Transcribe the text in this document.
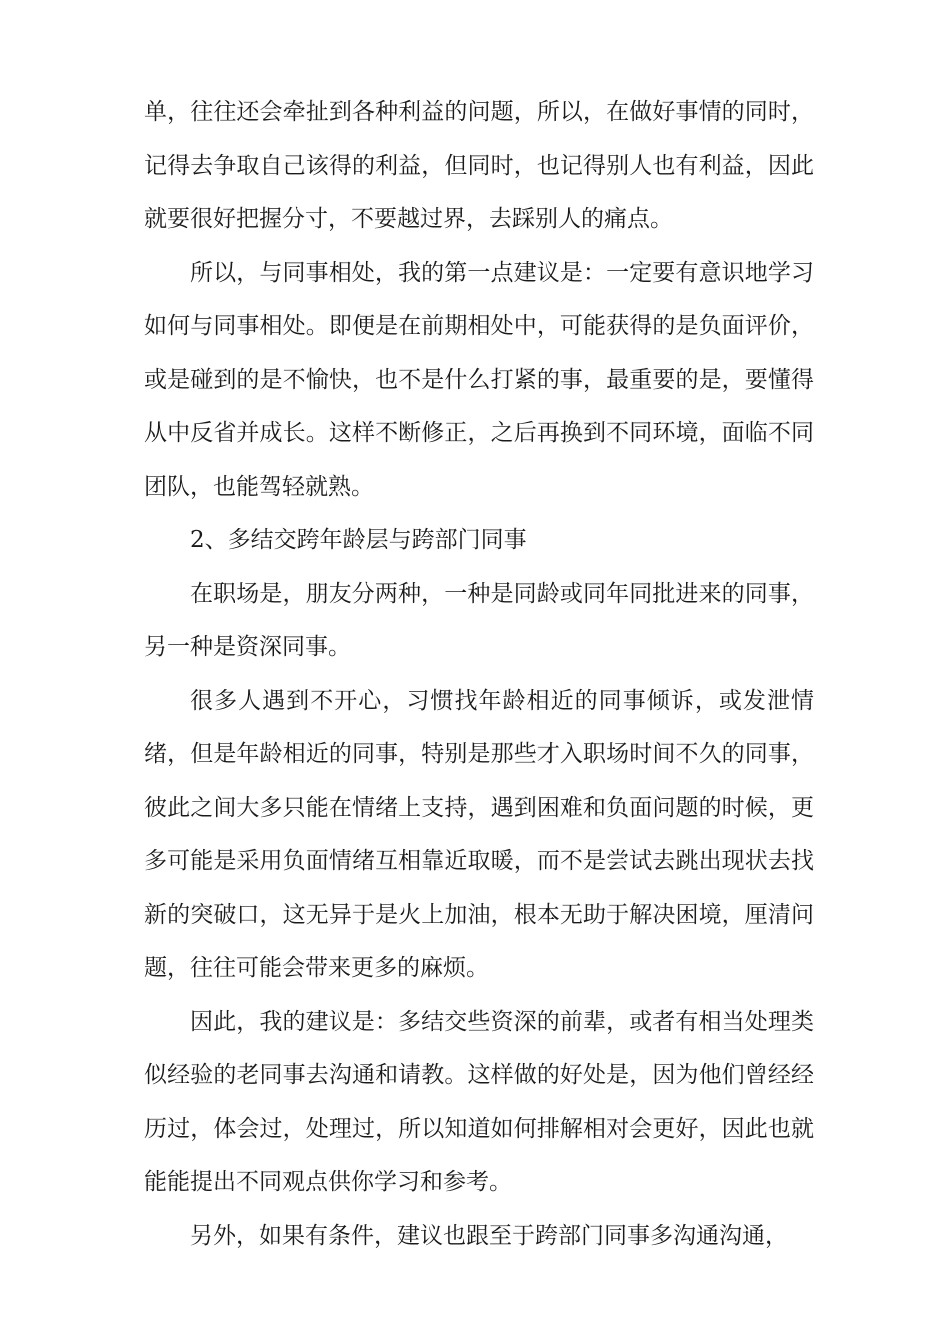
单，往往还会牵扯到各种利益的问题，所以，在做好事情的同时，记得去争取自己该得的利益，但同时，也记得别人也有利益，因此就要很好把握分寸，不要越过界，去踩别人的痛点。

所以，与同事相处，我的第一点建议是：一定要有意识地学习如何与同事相处。即便是在前期相处中，可能获得的是负面评价，或是碰到的是不愉快，也不是什么打紧的事，最重要的是，要懂得从中反省并成长。这样不断修正，之后再换到不同环境，面临不同团队，也能驾轻就熟。

2、多结交跨年龄层与跨部门同事

在职场是，朋友分两种，一种是同龄或同年同批进来的同事，另一种是资深同事。

很多人遇到不开心，习惯找年龄相近的同事倾诉，或发泄情绪，但是年龄相近的同事，特别是那些才入职场时间不久的同事，彼此之间大多只能在情绪上支持，遇到困难和负面问题的时候，更多可能是采用负面情绪互相靠近取暖，而不是尝试去跳出现状去找新的突破口，这无异于是火上加油，根本无助于解决困境，厘清问题，往往可能会带来更多的麻烦。

因此，我的建议是：多结交些资深的前辈，或者有相当处理类似经验的老同事去沟通和请教。这样做的好处是，因为他们曾经经历过，体会过，处理过，所以知道如何排解相对会更好，因此也就能能提出不同观点供你学习和参考。

另外，如果有条件，建议也跟至于跨部门同事多沟通沟通，
